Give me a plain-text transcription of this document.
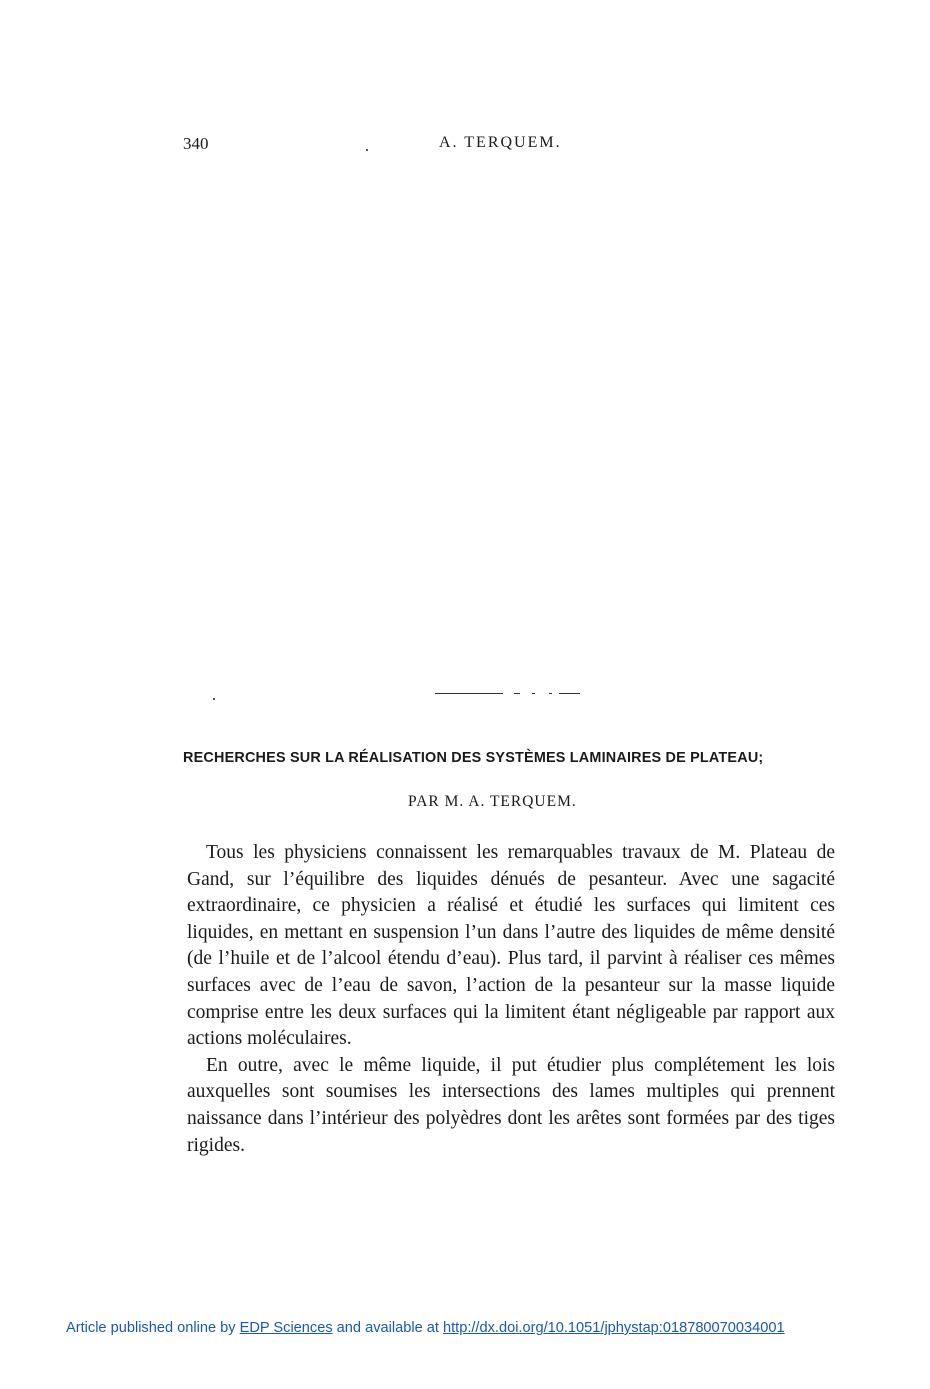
340	A. TERQUEM.
RECHERCHES SUR LA RÉALISATION DES SYSTÈMES LAMINAIRES DE PLATEAU;
PAR M. A. TERQUEM.

Tous les physiciens connaissent les remarquables travaux de M. Plateau de Gand, sur l’équilibre des liquides dénués de pesanteur. Avec une sagacité extraordinaire, ce physicien a réalisé et étudié les surfaces qui limitent ces liquides, en mettant en suspension l’un dans l’autre des liquides de même densité (de l’huile et de l’alcool étendu d’eau). Plus tard, il parvint à réaliser ces mêmes surfaces avec de l’eau de savon, l’action de la pesanteur sur la masse liquide comprise entre les deux surfaces qui la limitent étant négligeable par rapport aux actions moléculaires.

En outre, avec le même liquide, il put étudier plus complétement les lois auxquelles sont soumises les intersections des lames multiples qui prennent naissance dans l’intérieur des polyèdres dont les arêtes sont formées par des tiges rigides.

Article published online by EDP Sciences and available at http://dx.doi.org/10.1051/jphystap:018780070034001
